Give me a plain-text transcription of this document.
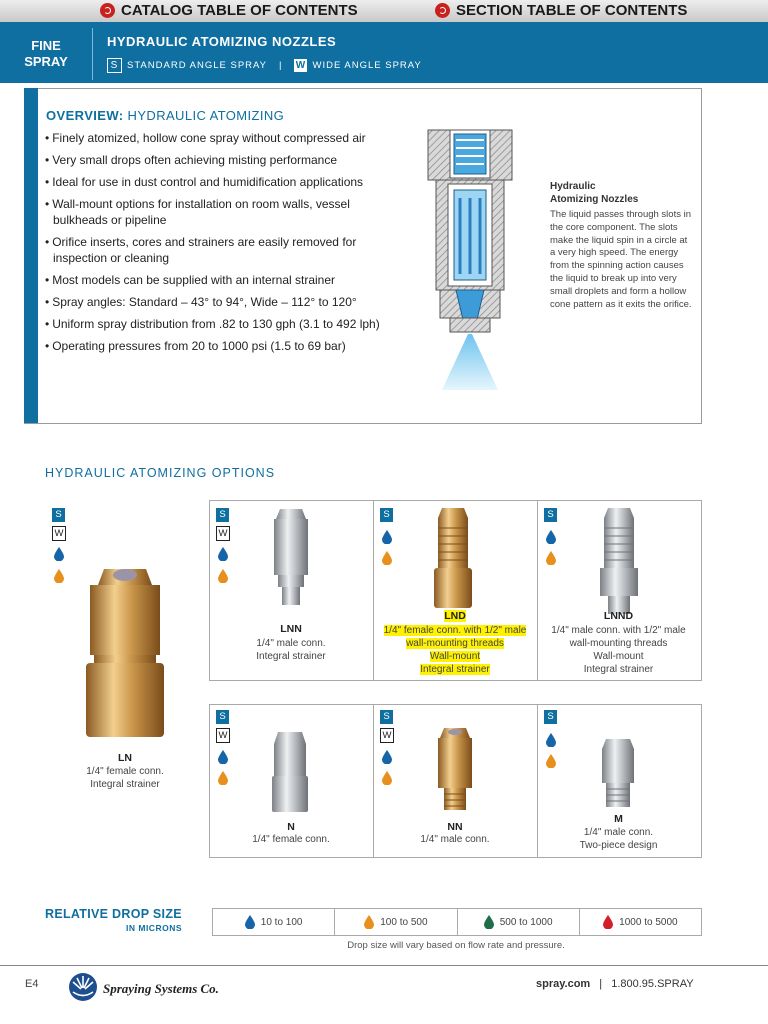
CATALOG TABLE OF CONTENTS	SECTION TABLE OF CONTENTS
FINE
SPRAY
HYDRAULIC ATOMIZING NOZZLES
S STANDARD ANGLE SPRAY | W WIDE ANGLE SPRAY
OVERVIEW: HYDRAULIC ATOMIZING
• Finely atomized, hollow cone spray without compressed air
• Very small drops often achieving misting performance
• Ideal for use in dust control and humidification applications
• Wall-mount options for installation on room walls, vessel bulkheads or pipeline
• Orifice inserts, cores and strainers are easily removed for inspection or cleaning
• Most models can be supplied with an internal strainer
• Spray angles: Standard – 43° to 94°, Wide – 112° to 120°
• Uniform spray distribution from .82 to 130 gph (3.1 to 492 lph)
• Operating pressures from 20 to 1000 psi (1.5 to 69 bar)
Hydraulic
Atomizing Nozzles
The liquid passes through slots in the core component. The slots make the liquid spin in a circle at a very high speed. The energy from the spinning action causes the liquid to break up into very small droplets and form a hollow cone pattern as it exits the orifice.
HYDRAULIC ATOMIZING OPTIONS
S
W
LN
1/4" female conn.
Integral strainer
S
W
LNN
1/4" male conn.
Integral strainer
S
LND
1/4" female conn. with 1/2" male
wall-mounting threads
Wall-mount
Integral strainer
S
LNND
1/4" male conn. with 1/2" male
wall-mounting threads
Wall-mount
Integral strainer
S
W
N
1/4" female conn.
S
W
NN
1/4" male conn.
S
M
1/4" male conn.
Two-piece design
RELATIVE DROP SIZE
IN MICRONS
10 to 100	100 to 500	500 to 1000	1000 to 5000
Drop size will vary based on flow rate and pressure.
E4	Spraying Systems Co.	spray.com | 1.800.95.SPRAY
